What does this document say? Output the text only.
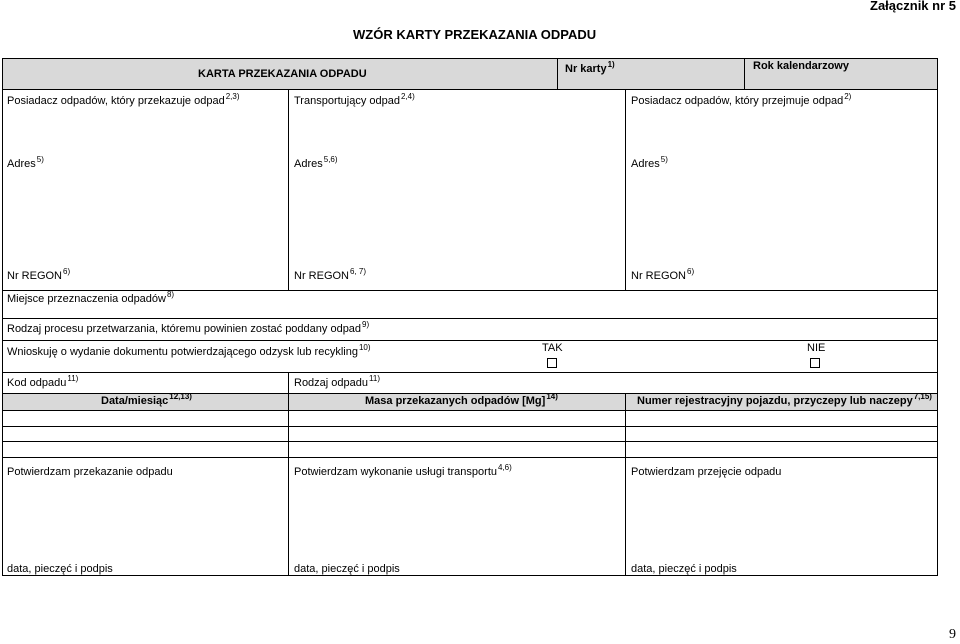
Załącznik nr 5
WZÓR KARTY PRZEKAZANIA ODPADU
KARTA PRZEKAZANIA ODPADU	Nr karty$^{1)}$	Rok kalendarzowy
Posiadacz odpadów, który przekazuje odpad$^{2,3)}$	Transportujący odpad$^{2,4)}$	Posiadacz odpadów, który przejmuje odpad$^{2)}$
Adres$^{5)}$	Adres$^{5,6)}$	Adres$^{5)}$
Nr REGON$^{6)}$	Nr REGON$^{6, 7)}$	Nr REGON$^{6)}$
Miejsce przeznaczenia odpadów$^{8)}$
Rodzaj procesu przetwarzania, któremu powinien zostać poddany odpad$^{9)}$
Wnioskuję o wydanie dokumentu potwierdzającego odzysk lub recykling$^{10)}$	TAK	NIE
Kod odpadu$^{11)}$	Rodzaj odpadu$^{11)}$
Data/miesiąc$^{12,13)}$	Masa przekazanych odpadów $[Mg]^{14)}$	Numer rejestracyjny pojazdu, przyczepy lub naczepy$^{7,15)}$
Potwierdzam przekazanie odpadu	Potwierdzam wykonanie usługi transportu$^{4,6)}$	Potwierdzam przejęcie odpadu
data, pieczęć i podpis	data, pieczęć i podpis	data, pieczęć i podpis
9
